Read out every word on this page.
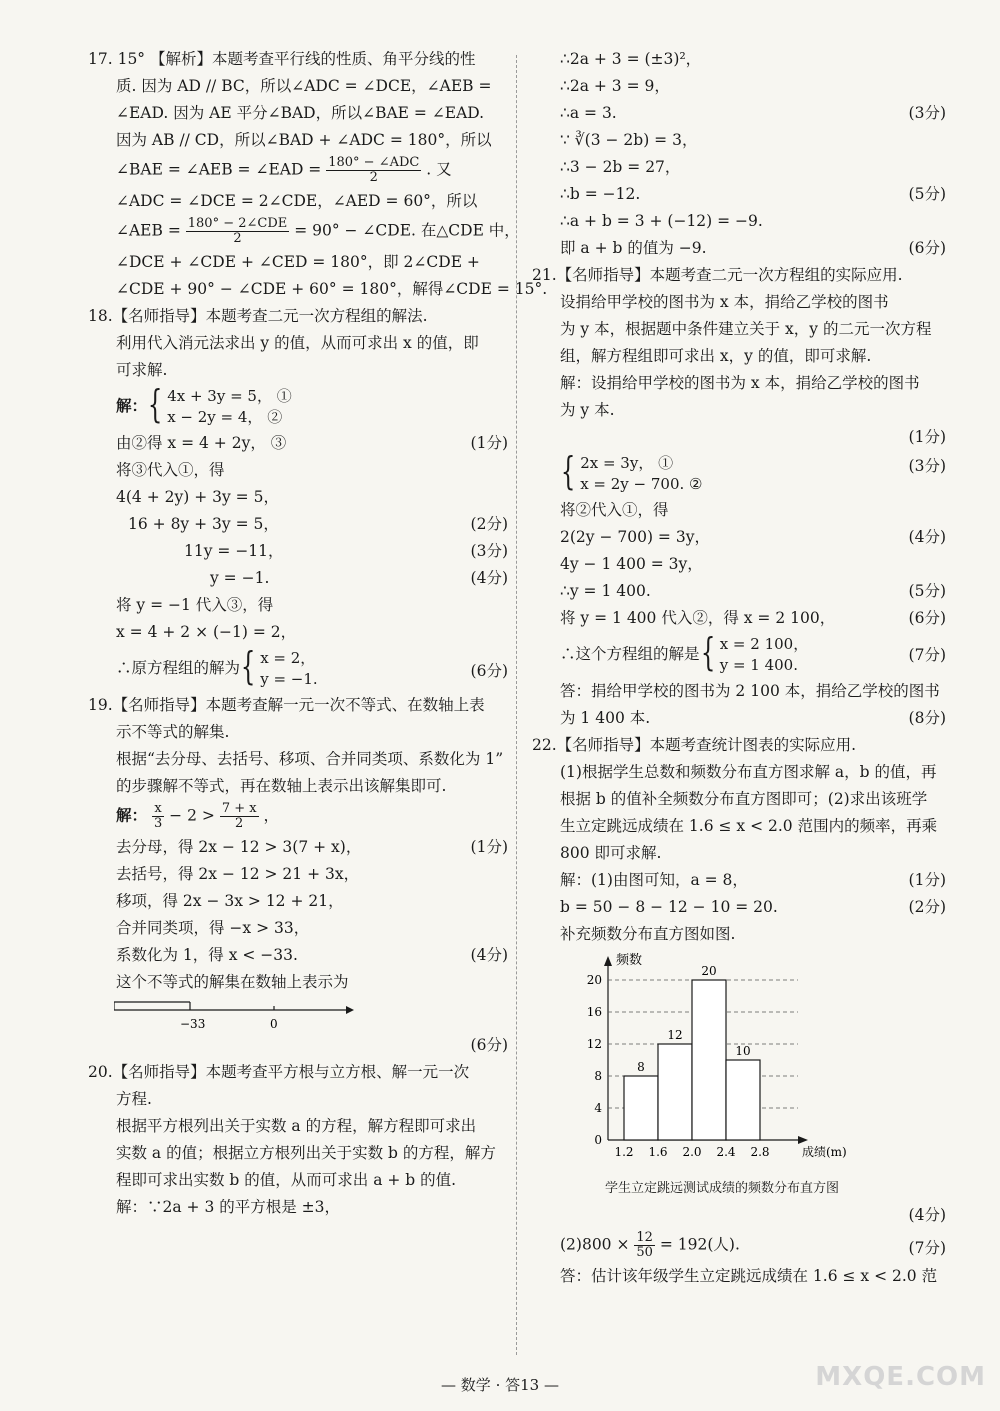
17. 15° 【解析】本题考查平行线的性质、角平分线的性
质. 因为 AD // BC，所以∠ADC = ∠DCE，∠AEB =
∠EAD. 因为 AE 平分∠BAD，所以∠BAE = ∠EAD.
因为 AB // CD，所以∠BAD + ∠ADC = 180°，所以
∠BAE = ∠AEB = ∠EAD = $\frac{\text{180° − ∠ADC}}{2}$ . 又
∠ADC = ∠DCE = 2∠CDE，∠AED = 60°，所以
∠AEB = $\frac{\text{180° − 2∠CDE}}{2} = 90^\circ$ − ∠CDE. 在△CDE 中，
∠DCE + ∠CDE + ∠CED = 180°，即 2∠CDE +
∠CDE + 90° − ∠CDE + 60° = 180°，解得∠CDE = 15°.
18.【名师指导】本题考查二元一次方程组的解法.
利用代入消元法求出 y 的值，从而可求出 x 的值，即
可求解.
解：{ 4x + 3y = 5， ①
x − 2y = 4， ②
由②得 x = 4 + 2y， ③	(1分)
将③代入①，得
4(4 + 2y) + 3y = 5，
16 + 8y + 3y = 5，	(2分)
11y = −11，	(3分)
y = −1.	(4分)
将 y = −1 代入③，得
x = 4 + 2 × (−1) = 2，
∴原方程组的解为{ x = 2，
y = −1.	(6分)
19.【名师指导】本题考查解一元一次不等式、在数轴上表
示不等式的解集.
根据“去分母、去括号、移项、合并同类项、系数化为 1”
的步骤解不等式，再在数轴上表示出该解集即可.
解： $\frac{x}{3} - 2 > \frac{7 + x}{2}$ ，
去分母，得 2x − 12 > 3(7 + x)，	(1分)
去括号，得 2x − 12 > 21 + 3x，
移项，得 2x − 3x > 12 + 21，
合并同类项，得 −x > 33，
系数化为 1，得 x < −33.	(4分)
这个不等式的解集在数轴上表示为
−33	0
(6分)
20.【名师指导】本题考查平方根与立方根、解一元一次
方程.
根据平方根列出关于实数 a 的方程，解方程即可求出
实数 a 的值；根据立方根列出关于实数 b 的方程，解方
程即可求出实数 b 的值，从而可求出 a + b 的值.
解：∵2a + 3 的平方根是 ±3，
∴2a + 3 = (±3)²，
∴2a + 3 = 9，
∴a = 3.	(3分)
∵ ∛(3 − 2b) = 3，
∴3 − 2b = 27，
∴b = −12.	(5分)
∴a + b = 3 + (−12) = −9.
即 a + b 的值为 −9.	(6分)
21.【名师指导】本题考查二元一次方程组的实际应用.
设捐给甲学校的图书为 x 本，捐给乙学校的图书
为 y 本，根据题中条件建立关于 x，y 的二元一次方程
组，解方程组即可求出 x，y 的值，即可求解.
解：设捐给甲学校的图书为 x 本，捐给乙学校的图书
为 y 本.
(1分)
{ 2x = 3y， ①
x = 2y − 700. ②
(3分)
将②代入①，得
2(2y − 700) = 3y，	(4分)
4y − 1 400 = 3y，
∴y = 1 400.	(5分)
将 y = 1 400 代入②，得 x = 2 100，	(6分)
∴这个方程组的解是{ x = 2 100，
y = 1 400.
(7分)
答：捐给甲学校的图书为 2 100 本，捐给乙学校的图书
为 1 400 本.	(8分)
22.【名师指导】本题考查统计图表的实际应用.
(1)根据学生总数和频数分布直方图求解 a，b 的值，再
根据 b 的值补全频数分布直方图即可；(2)求出该班学
生立定跳远成绩在 1.6 ≤ x < 2.0 范围内的频率，再乘
800 即可求解.
解：(1)由图可知，a = 8，	(1分)
b = 50 − 8 − 12 − 10 = 20.	(2分)
补充频数分布直方图如图.
0
4
8
12
16
20
频数
8
12
20
10
1.2 1.6 2.0 2.4 2.8	成绩(m)
学生立定跳远测试成绩的频数分布直方图
(4分)
$(2)800 \times \frac{12}{50} = 192$(人).	(7分)
答：估计该年级学生立定跳远成绩在 1.6 ≤ x < 2.0 范
— 数学 · 答13 —	MXQE.COM
